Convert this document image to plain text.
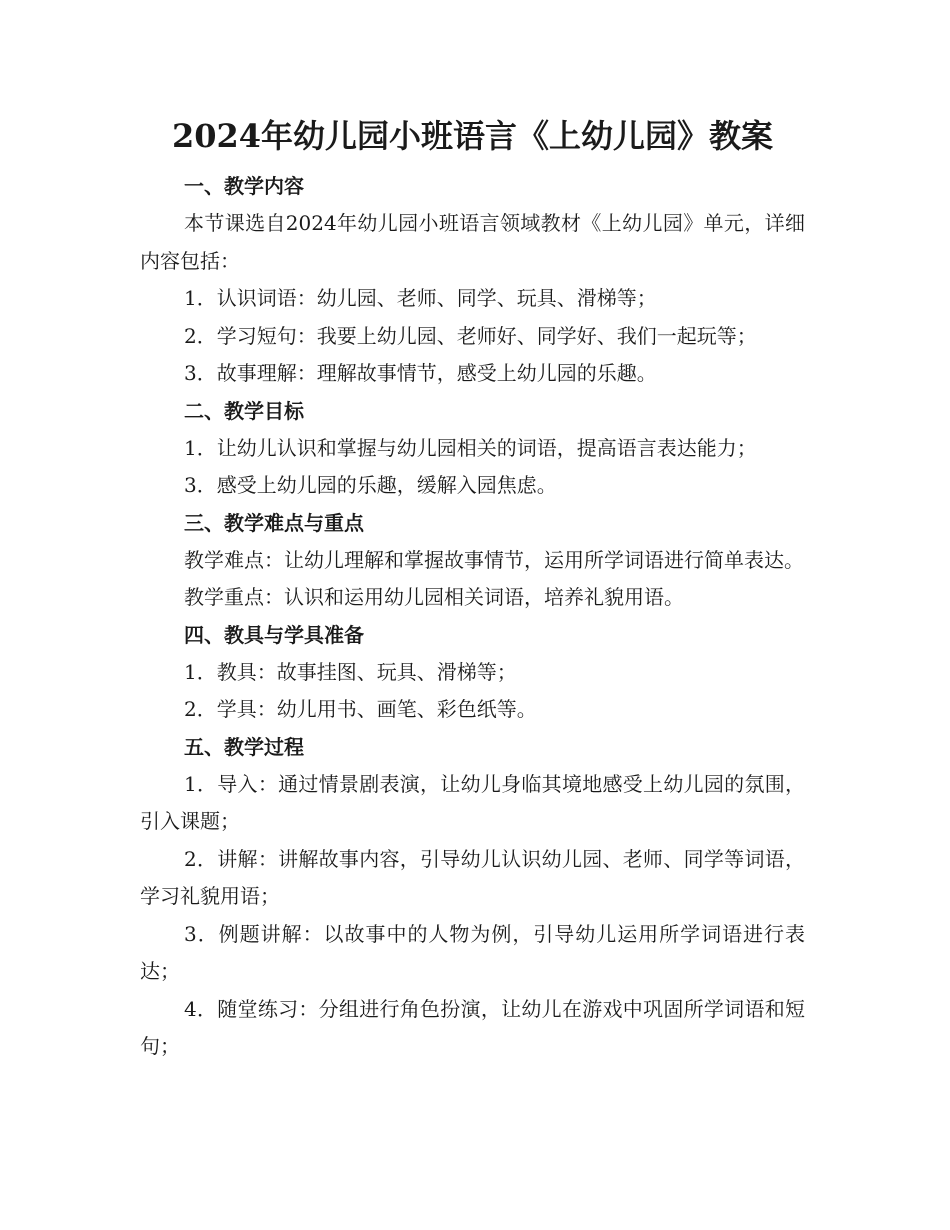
2024年幼儿园小班语言《上幼儿园》教案

一、教学内容

本节课选自2024年幼儿园小班语言领域教材《上幼儿园》单元，详细内容包括：

1．认识词语：幼儿园、老师、同学、玩具、滑梯等；

2．学习短句：我要上幼儿园、老师好、同学好、我们一起玩等；

3．故事理解：理解故事情节，感受上幼儿园的乐趣。

二、教学目标

1．让幼儿认识和掌握与幼儿园相关的词语，提高语言表达能力；

3．感受上幼儿园的乐趣，缓解入园焦虑。

三、教学难点与重点

教学难点：让幼儿理解和掌握故事情节，运用所学词语进行简单表达。

教学重点：认识和运用幼儿园相关词语，培养礼貌用语。

四、教具与学具准备

1．教具：故事挂图、玩具、滑梯等；

2．学具：幼儿用书、画笔、彩色纸等。

五、教学过程

1．导入：通过情景剧表演，让幼儿身临其境地感受上幼儿园的氛围，引入课题；

2．讲解：讲解故事内容，引导幼儿认识幼儿园、老师、同学等词语，学习礼貌用语；

3．例题讲解：以故事中的人物为例，引导幼儿运用所学词语进行表达；

4．随堂练习：分组进行角色扮演，让幼儿在游戏中巩固所学词语和短句；
